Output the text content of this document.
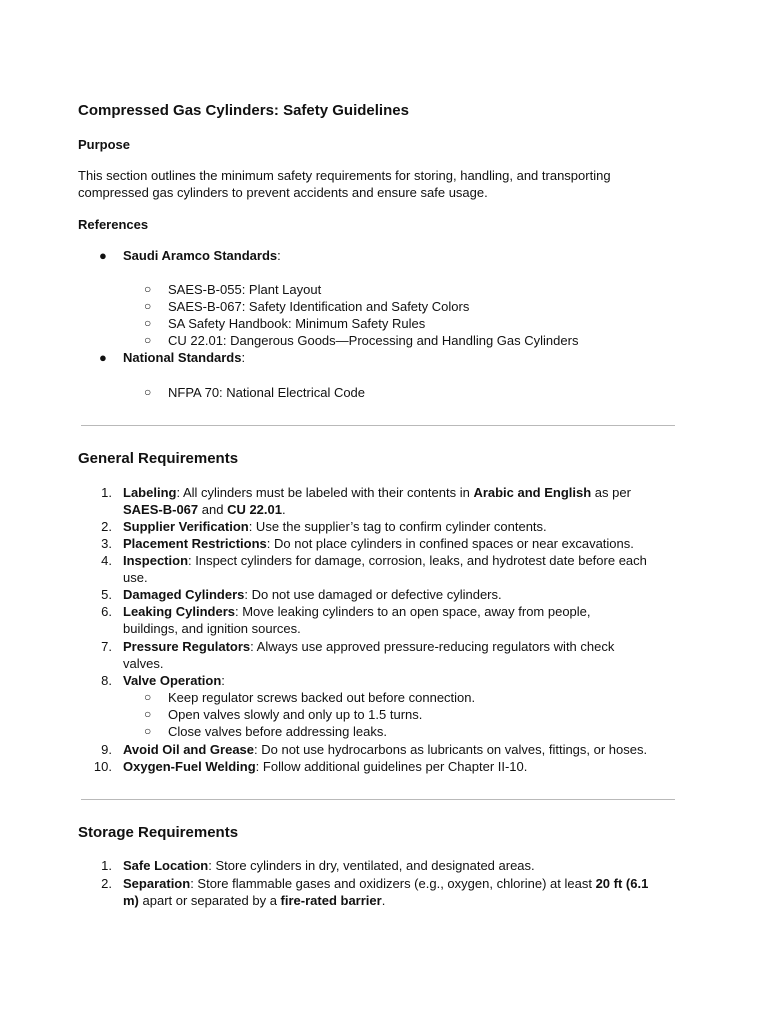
Compressed Gas Cylinders: Safety Guidelines
Purpose
This section outlines the minimum safety requirements for storing, handling, and transporting
compressed gas cylinders to prevent accidents and ensure safe usage.
References
● Saudi Aramco Standards:
○ SAES-B-055: Plant Layout
○ SAES-B-067: Safety Identification and Safety Colors
○ SA Safety Handbook: Minimum Safety Rules
○ CU 22.01: Dangerous Goods—Processing and Handling Gas Cylinders
● National Standards:
○ NFPA 70: National Electrical Code
General Requirements
1. Labeling: All cylinders must be labeled with their contents in Arabic and English as per
SAES-B-067 and CU 22.01.
2. Supplier Verification: Use the supplier’s tag to confirm cylinder contents.
3. Placement Restrictions: Do not place cylinders in confined spaces or near excavations.
4. Inspection: Inspect cylinders for damage, corrosion, leaks, and hydrotest date before each
use.
5. Damaged Cylinders: Do not use damaged or defective cylinders.
6. Leaking Cylinders: Move leaking cylinders to an open space, away from people,
buildings, and ignition sources.
7. Pressure Regulators: Always use approved pressure-reducing regulators with check
valves.
8. Valve Operation:
○ Keep regulator screws backed out before connection.
○ Open valves slowly and only up to 1.5 turns.
○ Close valves before addressing leaks.
9. Avoid Oil and Grease: Do not use hydrocarbons as lubricants on valves, fittings, or hoses.
10. Oxygen-Fuel Welding: Follow additional guidelines per Chapter II-10.
Storage Requirements
1. Safe Location: Store cylinders in dry, ventilated, and designated areas.
2. Separation: Store flammable gases and oxidizers (e.g., oxygen, chlorine) at least 20 ft (6.1
m) apart or separated by a fire-rated barrier.
